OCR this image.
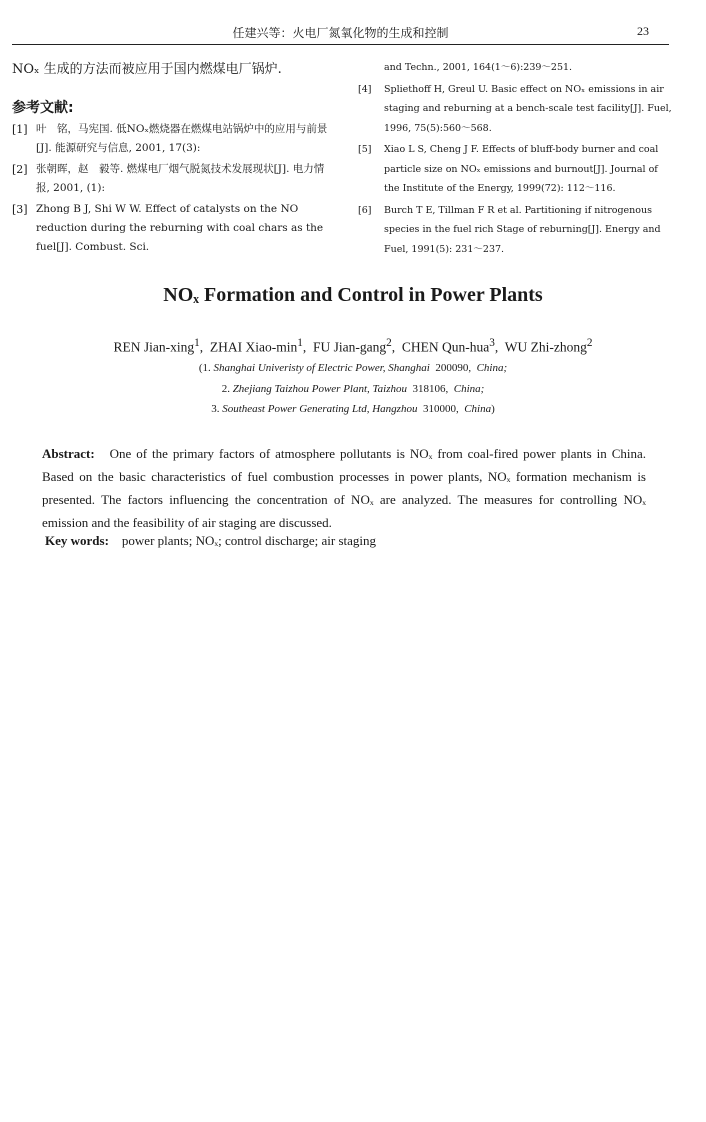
任建兴等：火电厂氮氧化物的生成和控制	23
NOₓ 生成的方法而被应用于国内燃煤电厂锅炉.
参考文献:
[1] 叶　铭，马宪国. 低NOₓ燃烧器在燃煤电站锅炉中的应用与前景[J]. 能源研究与信息, 2001, 17(3):
[2] 张朝晖，赵　毅等. 燃煤电厂烟气脱氮技术发展现状[J]. 电力情报, 2001, (1):
[3] Zhong B J, Shi W W. Effect of catalysts on the NO reduction during the reburning with coal chars as the fuel[J]. Combust. Sci.
and Techn., 2001, 164(1～6):239～251.
[4]	Spliethoff H, Greul U. Basic effect on NOₓ emissions in air staging and reburning at a bench-scale test facility[J]. Fuel, 1996, 75(5):560～568.
[5]	Xiao L S, Cheng J F. Effects of bluff-body burner and coal particle size on NOₓ emissions and burnout[J]. Journal of the Institute of the Energy, 1999(72): 112～116.
[6]	Burch T E, Tillman F R et al. Partitioning if nitrogenous species in the fuel rich Stage of reburning[J]. Energy and Fuel, 1991(5): 231～237.
NOₓ Formation and Control in Power Plants
REN Jian-xing$^1$,  ZHAI Xiao-$\min^1$,  FU Jian-gang$^2$,  CHEN Qun-hua$^3$,  WU Zhi-zhong$^2$
(1. Shanghai Univeristy of Electric Power, Shanghai 200090, China;
2. Zhejiang Taizhou Power Plant, Taizhou 318106, China;
3. Southeast Power Generating Ltd, Hangzhou 310000, China)
Abstract: One of the primary factors of atmosphere pollutants is NOₓ from coal-fired power plants in China. Based on the basic characteristics of fuel combustion processes in power plants, NOₓ formation mechanism is presented. The factors influencing the concentration of NOₓ are analyzed. The measures for controlling NOₓ emission and the feasibility of air staging are discussed.
Key words: power plants; NOₓ; control discharge; air staging
